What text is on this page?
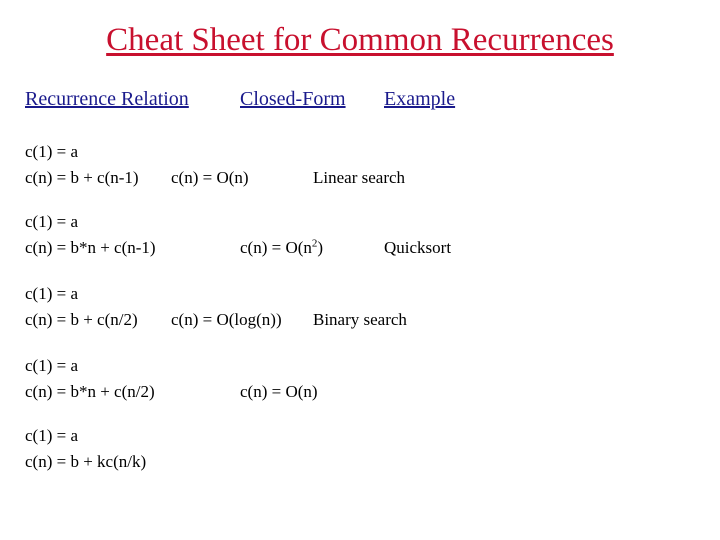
Cheat Sheet for Common Recurrences
Recurrence Relation	Closed-Form Example
c(1) = a
c(n) = b + c(n-1) c(n) = O(n)	Linear search
c(1) = a
c(n) = b*n + c(n-1)	$c(n) = O(n^2)$	Quicksort
c(1) = a
c(n) = b + c(n/2) c(n) = O(log(n)) Binary search
c(1) = a
c(n) = b*n + c(n/2)	c(n) = O(n)
c(1) = a
c(n) = b + kc(n/k)
